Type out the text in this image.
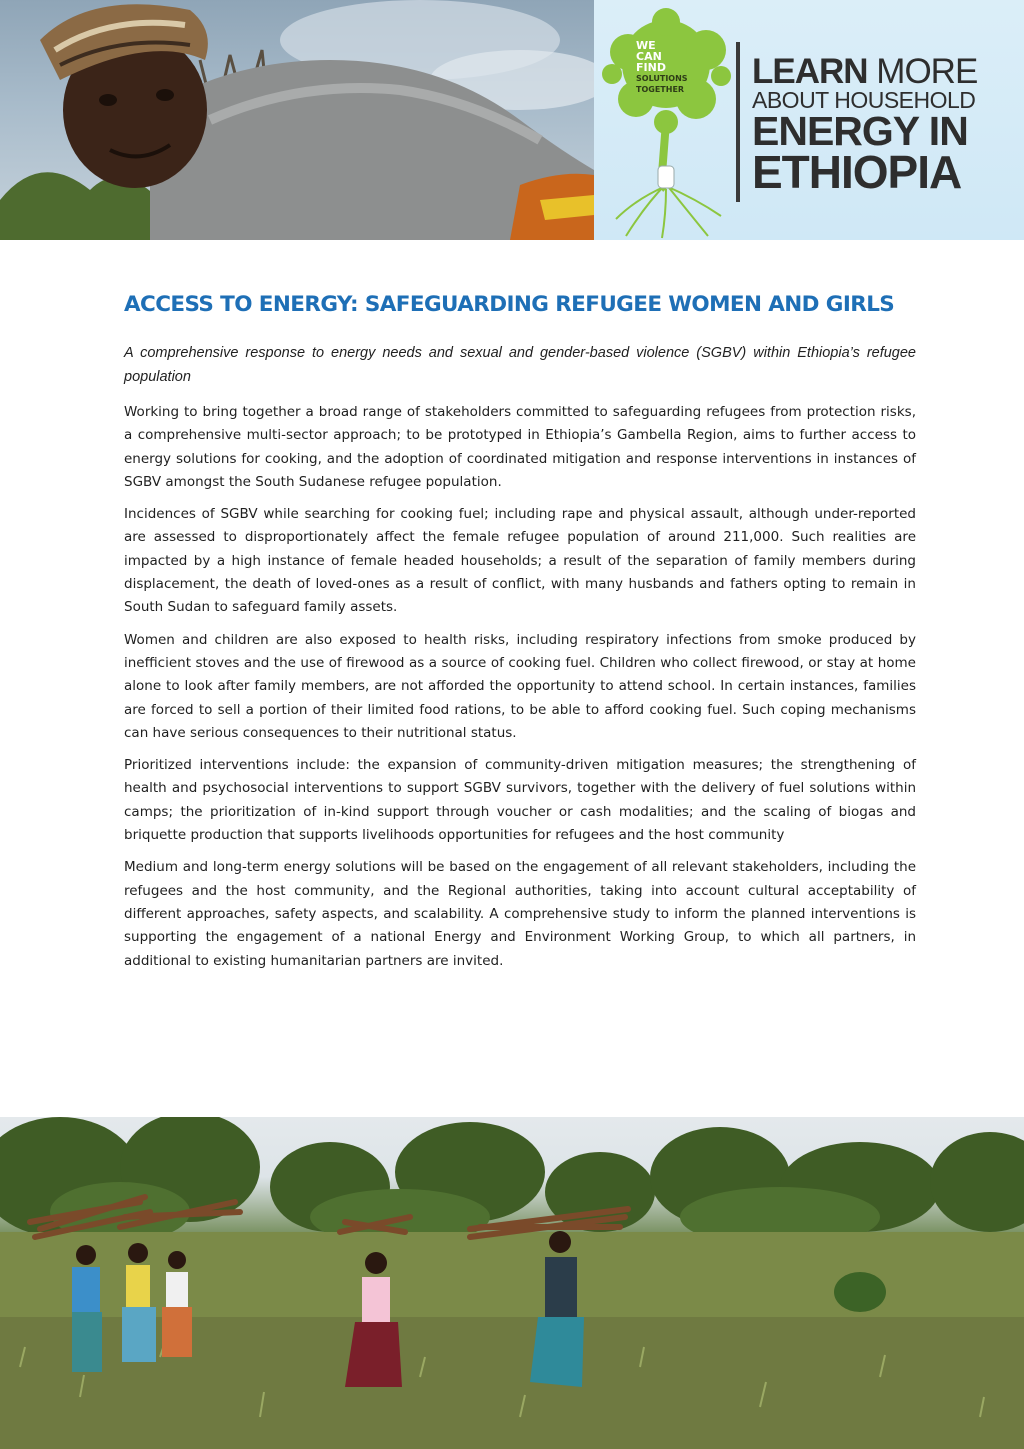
WE
CAN
FIND
SOLUTIONS
TOGETHER	LEARN MORE
ABOUT HOUSEHOLD
ENERGY IN
ETHIOPIA
ACCESS TO ENERGY: SAFEGUARDING REFUGEE WOMEN AND GIRLS

A comprehensive response to energy needs and sexual and gender-based violence (SGBV) within Ethiopia’s refugee population

Working to bring together a broad range of stakeholders committed to safeguarding refugees from protection risks, a comprehensive multi-sector approach; to be prototyped in Ethiopia’s Gambella Region, aims to further access to energy solutions for cooking, and the adoption of coordinated mitigation and response interventions in instances of SGBV amongst the South Sudanese refugee population.

Incidences of SGBV while searching for cooking fuel; including rape and physical assault, although under-reported are assessed to disproportionately affect the female refugee population of around 211,000. Such realities are impacted by a high instance of female headed households; a result of the separation of family members during displacement, the death of loved-ones as a result of conflict, with many husbands and fathers opting to remain in South Sudan to safeguard family assets.

Women and children are also exposed to health risks, including respiratory infections from smoke produced by inefficient stoves and the use of firewood as a source of cooking fuel. Children who collect firewood, or stay at home alone to look after family members, are not afforded the opportunity to attend school. In certain instances, families are forced to sell a portion of their limited food rations, to be able to afford cooking fuel. Such coping mechanisms can have serious consequences to their nutritional status.

Prioritized interventions include: the expansion of community-driven mitigation measures; the strengthening of health and psychosocial interventions to support SGBV survivors, together with the delivery of fuel solutions within camps; the prioritization of in-kind support through voucher or cash modalities; and the scaling of biogas and briquette production that supports livelihoods opportunities for refugees and the host community

Medium and long-term energy solutions will be based on the engagement of all relevant stakeholders, including the refugees and the host community, and the Regional authorities, taking into account cultural acceptability of different approaches, safety aspects, and scalability. A comprehensive study to inform the planned interventions is supporting the engagement of a national Energy and Environment Working Group, to which all partners, in additional to existing humanitarian partners are invited.
